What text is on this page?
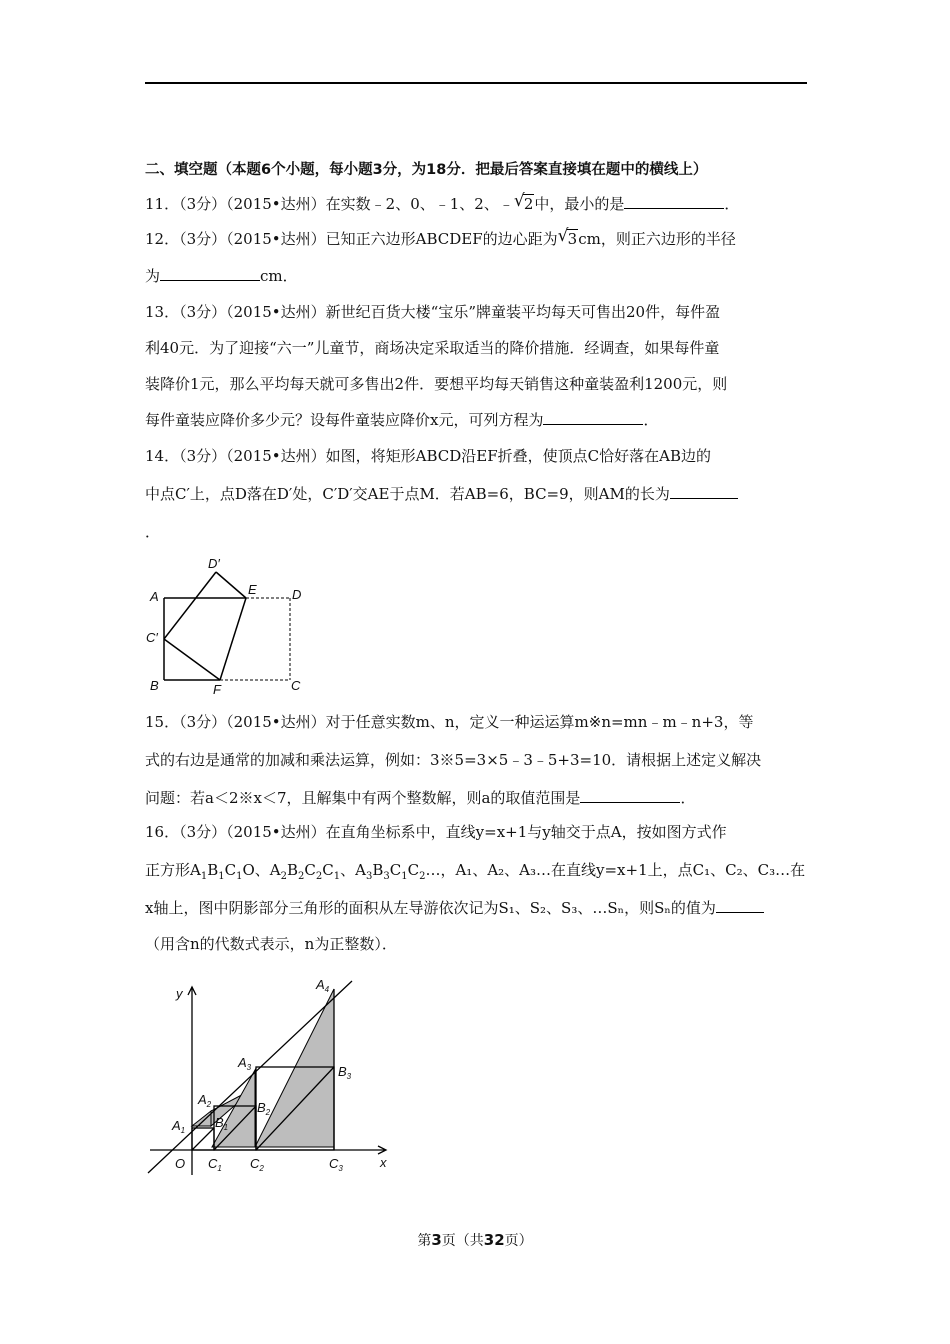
二、填空题（本题6个小题，每小题3分，为18分．把最后答案直接填在题中的横线上）
11．（3分）（2015•达州）在实数﹣2、0、﹣1、2、﹣ √ 2中，最小的是	．
12．（3分）（2015•达州）已知正六边形ABCDEF的边心距为 √ 3cm，则正六边形的半径
为	cm．
13．（3分）（2015•达州）新世纪百货大楼“宝乐”牌童装平均每天可售出20件，每件盈
利40元．为了迎接“六一”儿童节，商场决定采取适当的降价措施．经调查，如果每件童
装降价1元，那么平均每天就可多售出2件．要想平均每天销售这种童装盈利1200元，则
每件童装应降价多少元？设每件童装应降价x元，可列方程为	．
14．（3分）（2015•达州）如图，将矩形ABCD沿EF折叠，使顶点C恰好落在AB边的
中点C′上，点D落在D′处，C′D′交AE于点M．若AB=6，BC=9，则AM的长为
．
A
B	C
D
E
F
C′
D′
15．（3分）（2015•达州）对于任意实数m、n，定义一种运运算m※n=mn﹣m﹣n+3，等
式的右边是通常的加减和乘法运算，例如：3※5=3×5﹣3﹣5+3=10．请根据上述定义解决
问题：若a＜2※x＜7，且解集中有两个整数解，则a的取值范围是	．
16．（3分）（2015•达州）在直角坐标系中，直线y=x+1与y轴交于点A，按如图方式作
正方形$A_1B_1C_1O$、$A_2B_2C_2C_1$、$A_3B_3C_1C_2\dots$，A₁、A₂、A₃…在直线y=x+1上，点C₁、C₂、C₃…在
x轴上，图中阴影部分三角形的面积从左导游依次记为S₁、S₂、S₃、…Sₙ，则Sₙ的值为
（用含n的代数式表示，n为正整数）．
y
x
O
$A_1$
$A_2$
$A_3$
$A_4$
$B_1$
$B_2$
$B_3$
$C_1$ $C_2$	$C_3$
第3页（共32页）
